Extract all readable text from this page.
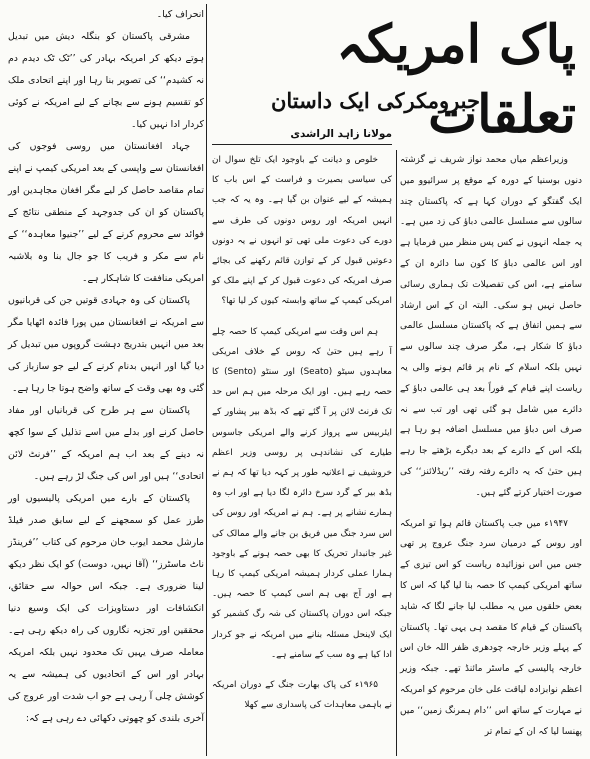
پاک امریکہ تعلقات
جبرومکرکی ایک داستان
مولانا زاہد الراشدی

وزیراعظم میاں محمد نواز شریف نے گزشتہ دنوں بوسنیا کے دورہ کے موقع پر سرائیوو میں ایک گفتگو کے دوران کہا ہے کہ پاکستان چند سالوں سے مسلسل عالمی دباؤ کی زد میں ہے۔ یہ جملہ انہوں نے کس پس منظر میں فرمایا ہے اور اس عالمی دباؤ کا کون سا دائرہ ان کے سامنے ہے، اس کی تفصیلات تک ہماری رسائی حاصل نہیں ہو سکی۔ البتہ ان کے اس ارشاد سے ہمیں اتفاق ہے کہ پاکستان مسلسل عالمی دباؤ کا شکار ہے، مگر صرف چند سالوں سے نہیں بلکہ اسلام کے نام پر قائم ہونے والی یہ ریاست اپنے قیام کے فوراً بعد ہی عالمی دباؤ کے دائرے میں شامل ہو گئی تھی اور تب سے نہ صرف اس دباؤ میں مسلسل اضافہ ہو رہا ہے بلکہ اس کے دائرے کے بعد دیگرے بڑھتے جا رہے ہیں حتیٰ کہ یہ دائرے رفتہ رفتہ ’’ریڈلائنز‘‘ کی صورت اختیار کرتے گئے ہیں۔

۱۹۴۷ء میں جب پاکستان قائم ہوا تو امریکہ اور روس کے درمیان سرد جنگ عروج پر تھی جس میں اس نوزائیدہ ریاست کو اس تیزی کے ساتھ امریکی کیمپ کا حصہ بنا لیا گیا کہ اس کا بعض حلقوں میں یہ مطلب لیا جانے لگا کہ شاید پاکستان کے قیام کا مقصد ہی یہی تھا۔ پاکستان کے پہلے وزیر خارجہ چودھری ظفر اللہ خان اس خارجہ پالیسی کے ماسٹر مائنڈ تھے۔ جبکہ وزیر اعظم نوابزادہ لیاقت علی خان مرحوم کو امریکہ نے مہارت کے ساتھ اس ’’دام ہمرنگ زمین‘‘ میں پھنسا لیا کہ ان کے تمام تر

خلوص و دیانت کے باوجود ایک تلخ سوال ان کی سیاسی بصیرت و فراست کے اس باب کا ہمیشہ کے لیے عنوان بن گیا ہے۔ وہ یہ کہ جب انہیں امریکہ اور روس دونوں کی طرف سے دورے کی دعوت ملی تھی تو انہوں نے یہ دونوں دعوتیں قبول کر کے توازن قائم رکھنے کی بجائے صرف امریکہ کی دعوت قبول کر کے اپنے ملک کو امریکی کیمپ کے ساتھ وابستہ کیوں کر لیا تھا؟

ہم اس وقت سے امریکی کیمپ کا حصہ چلے آ رہے ہیں حتیٰ کہ روس کے خلاف امریکی معاہدوں سیٹو (Seato) اور سنٹو (Sento) کا حصہ رہے ہیں۔ اور ایک مرحلہ میں ہم اس حد تک فرنٹ لائن پر آ گئے تھے کہ بڈھ بیر پشاور کے ایئربیس سے پرواز کرنے والے امریکی جاسوس طیارے کی نشاندہی پر روسی وزیر اعظم خروشیف نے اعلانیہ طور پر کہہ دیا تھا کہ ہم نے بڈھ بیر کے گرد سرخ دائرہ لگا دیا ہے اور اب وہ ہمارے نشانے پر ہے۔ ہم نے امریکہ اور روس کی اس سرد جنگ میں فریق بن جانے والے ممالک کی غیر جانبدار تحریک کا بھی حصہ ہونے کے باوجود ہمارا عملی کردار ہمیشہ امریکی کیمپ کا رہا ہے اور آج بھی ہم اسی کیمپ کا حصہ ہیں۔ جبکہ اس دوران پاکستان کی شہ رگ کشمیر کو ایک لاینحل مسئلہ بنانے میں امریکہ نے جو کردار ادا کیا ہے وہ سب کے سامنے ہے۔

۱۹۶۵ء کی پاک بھارت جنگ کے دوران امریکہ نے باہمی معاہدات کی پاسداری سے کھلا

انحراف کیا۔

مشرقی پاکستان کو بنگلہ دیش میں تبدیل ہوتے دیکھ کر امریکہ بہادر کی ’’ٹک ٹک دیدم دم نہ کشیدم‘‘ کی تصویر بنا رہا اور اپنے اتحادی ملک کو تقسیم ہونے سے بچانے کے لیے امریکہ نے کوئی کردار ادا نہیں کیا۔

جہاد افغانستان میں روسی فوجوں کی افغانستان سے واپسی کے بعد امریکی کیمپ نے اپنے تمام مقاصد حاصل کر لیے مگر افغان مجاہدین اور پاکستان کو ان کی جدوجہد کے منطقی نتائج کے فوائد سے محروم کرنے کے لیے ’’جنیوا معاہدہ‘‘ کے نام سے مکر و فریب کا جو جال بنا وہ بلاشبہ امریکی منافقت کا شاہکار ہے۔

پاکستان کی وہ جہادی قوتیں جن کی قربانیوں سے امریکہ نے افغانستان میں پورا فائدہ اٹھایا مگر بعد میں انہیں بتدریج دہشت گروپوں میں تبدیل کر دیا گیا اور انہیں بدنام کرنے کے لیے جو سازباز کی گئی وہ بھی وقت کے ساتھ واضح ہوتا جا رہا ہے۔

پاکستان سے ہر طرح کی قربانیاں اور مفاد حاصل کرنے اور بدلے میں اسے تذلیل کے سوا کچھ نہ دینے کے بعد اب ہم امریکہ کے ’’فرنٹ لائن اتحادی‘‘ ہیں اور اس کی جنگ لڑ رہے ہیں۔

پاکستان کے بارے میں امریکی پالیسیوں اور طرز عمل کو سمجھنے کے لیے سابق صدر فیلڈ مارشل محمد ایوب خان مرحوم کی کتاب ’’فرینڈز ناٹ ماسٹرز‘‘ (آقا نہیں، دوست) کو ایک نظر دیکھ لینا ضروری ہے۔ جبکہ اس حوالہ سے حقائق، انکشافات اور دستاویزات کی ایک وسیع دنیا محققین اور تجزیہ نگاروں کی راہ دیکھ رہی ہے۔ معاملہ صرف یہیں تک محدود نہیں بلکہ امریکہ بہادر اور اس کے اتحادیوں کی ہمیشہ سے یہ کوشش چلی آ رہی ہے جو اب شدت اور عروج کی آخری بلندی کو چھوتی دکھائی دے رہی ہے کہ:
